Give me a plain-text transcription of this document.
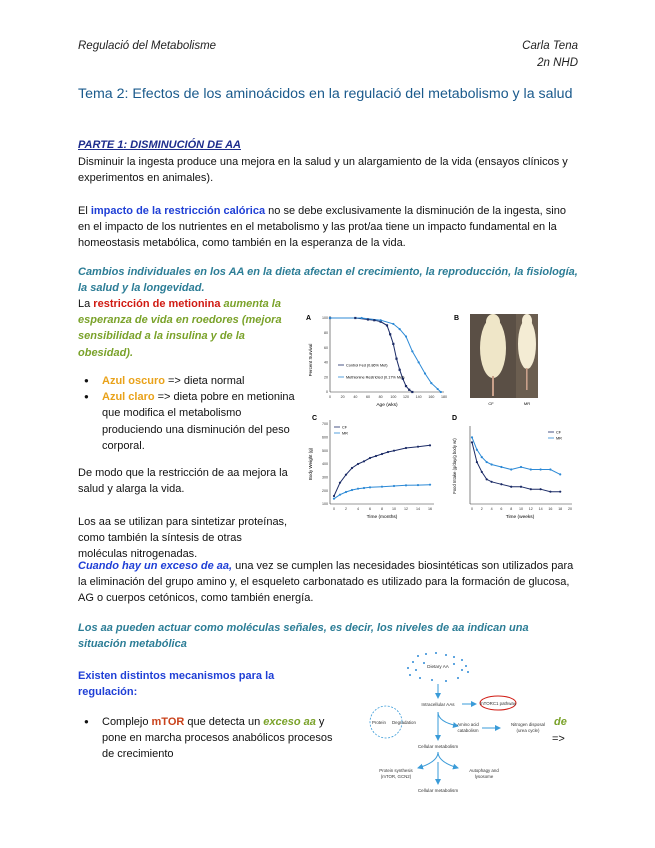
Regulació del Metabolisme	Carla Tena
2n NHD
Tema 2: Efectos de los aminoácidos en la regulació del metabolismo y la salud
PARTE 1: DISMINUCIÓN DE AA
Disminuir la ingesta produce una mejora en la salud y un alargamiento de la vida (ensayos clínicos y experimentos en animales).
El impacto de la restricción calórica no se debe exclusivamente la disminución de la ingesta, sino en el impacto de los nutrientes en el metabolismo y las prot/aa tiene un impacto fundamental en la homeostasis metabólica, como también en la esperanza de la vida.
Cambios individuales en los AA en la dieta afectan el crecimiento, la reproducción, la fisiología, la salud y la longevidad.
La restricción de metionina aumenta la esperanza de vida en roedores (mejora sensibilidad a la insulina y de la obesidad).
● Azul oscuro => dieta normal
● Azul claro => dieta pobre en metionina que modifica el metabolismo produciendo una disminución del peso corporal.
De modo que la restricción de aa mejora la salud y alarga la vida.
Los aa se utilizan para sintetizar proteínas, como también la síntesis de otras moléculas nitrogenadas.
Cuando hay un exceso de aa, una vez se cumplen las necesidades biosintéticas son utilizados para la eliminación del grupo amino y, el esqueleto carbonatado es utilizado para la formación de glucosa, AG o cuerpos cetónicos, como también energía.
Los aa pueden actuar como moléculas señales, es decir, los niveles de aa indican una situación metabólica
Existen distintos mecanismos para la regulación:
● Complejo mTOR que detecta un exceso aa y pone en marcha procesos anabólicos procesos de crecimiento
de
=>
A
0
20
40
60
80
100
0	20 40 60 80 100 120 140 160 180
Percent Survival
Age (wks)
Control Fed (0.86% Met)
Methionine Restricted (0.17% Met)
B
CF	MR
C
100
200
300
400
500
600
700
0	2	4	6	8	10 12 14 16
Body Weight (g)
Time (months)
CF
MR
D
0 2 4 6 8 10 12 14 16 18 20
Food Intake (g/day/g body wt)
Time (weeks)
CF
MR
Dietary AA
Intracellular AAs
Protein Degradation
mTORC1 pathway
Amino acid
catabolism
Nitrogen disposal
(urea cycle)
Cellular metabolism
Protein synthesis
(mTOR, GCN2)
Autophagy and
lysosome
Cellular metabolism
